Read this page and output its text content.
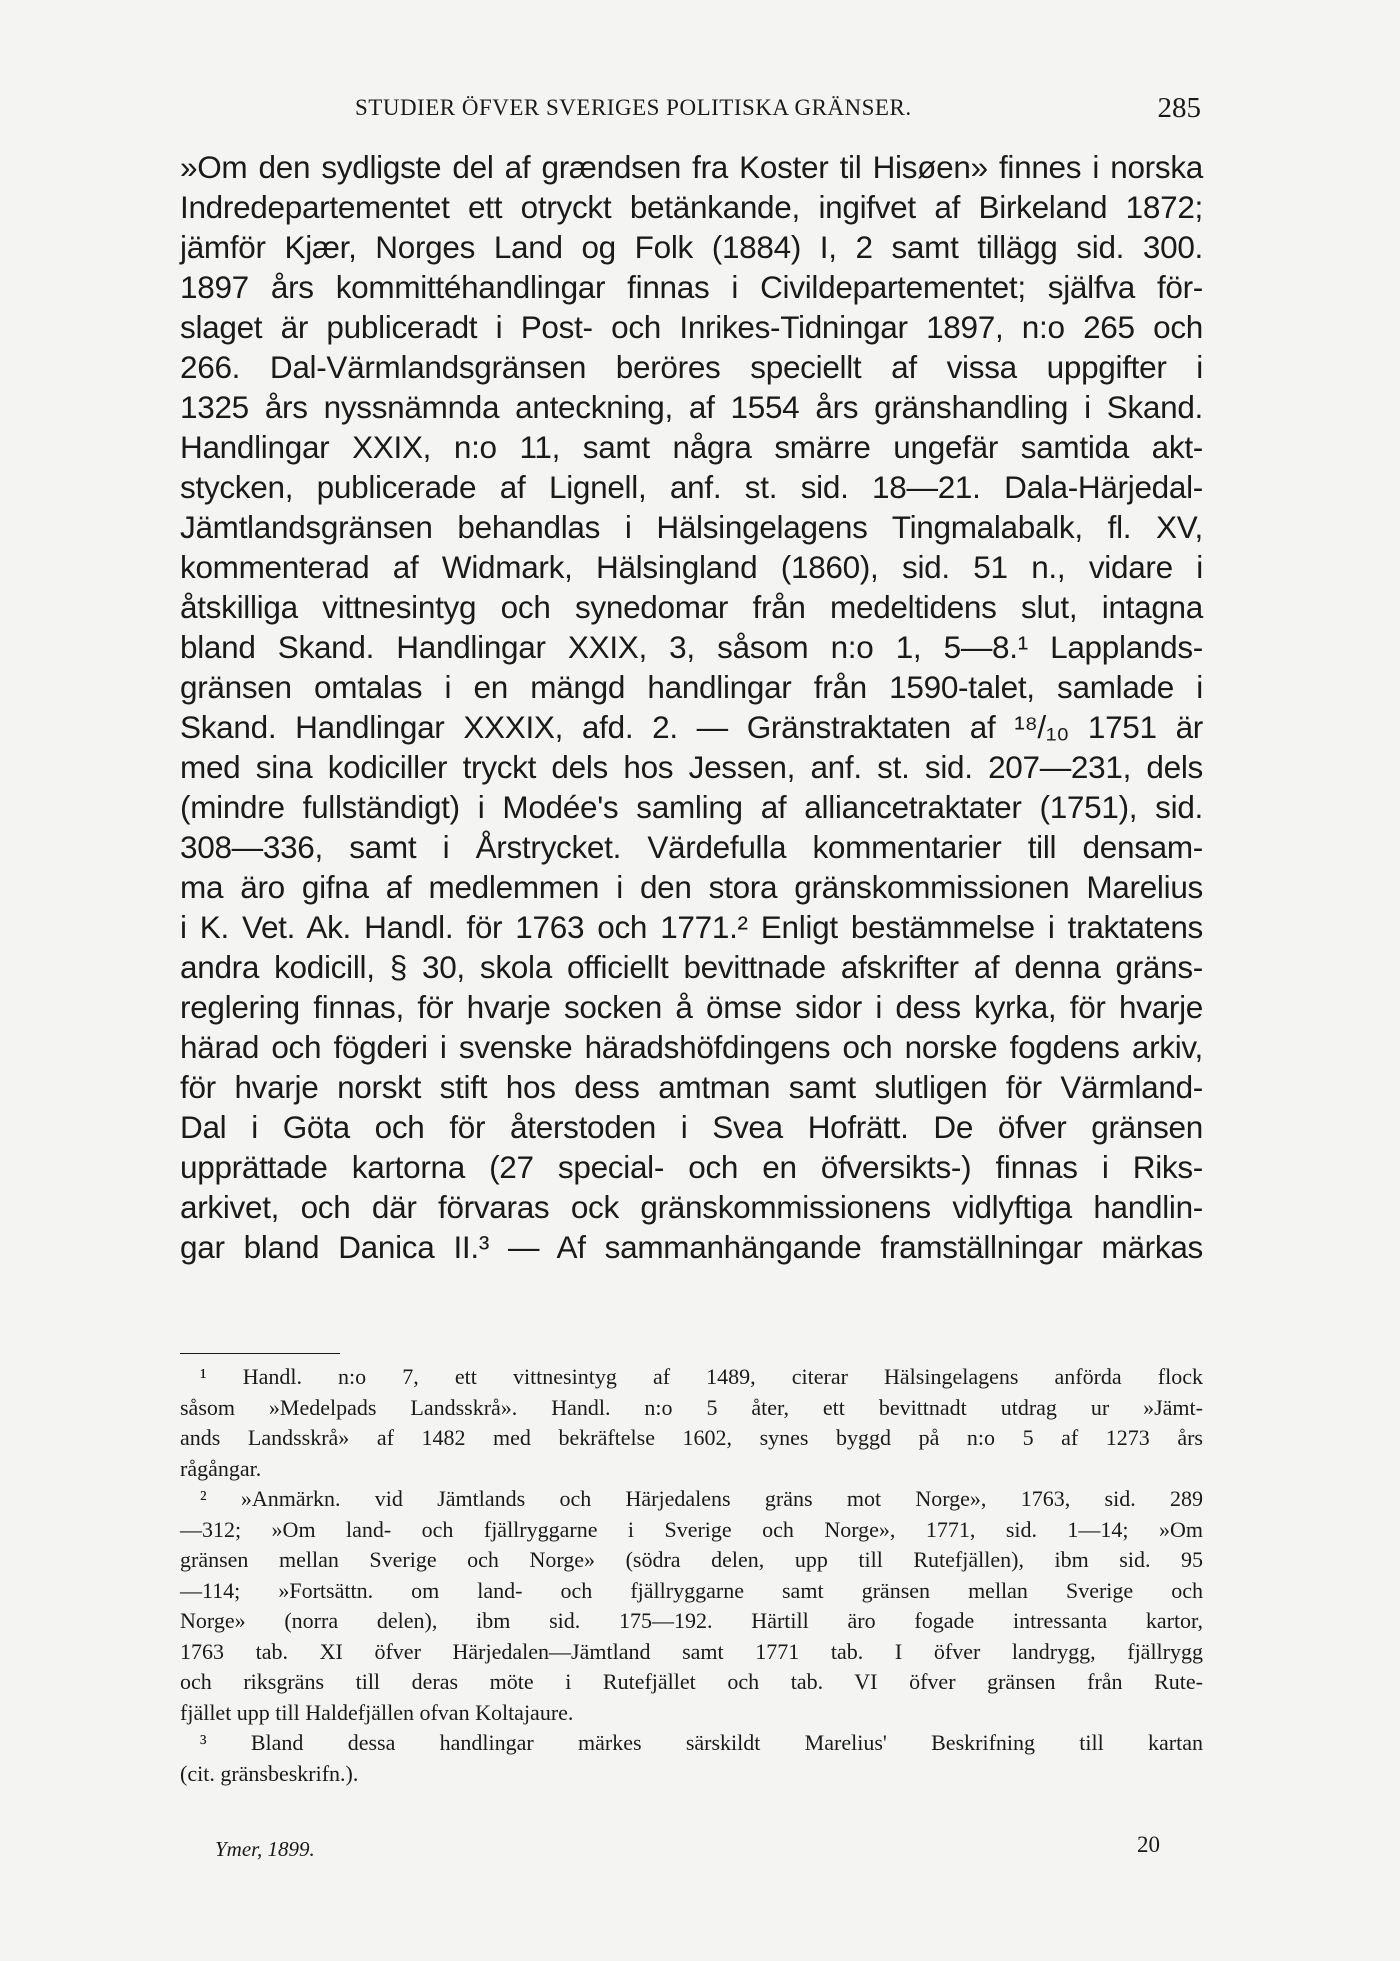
STUDIER ÖFVER SVERIGES POLITISKA GRÄNSER.	285
»Om den sydligste del af grændsen fra Koster til Hisøen» finnes i norska
Indredepartementet ett otryckt betänkande, ingifvet af Birkeland 1872;
jämför Kjær, Norges Land og Folk (1884) I, 2 samt tillägg sid. 300.
1897 års kommittéhandlingar finnas i Civildepartementet; själfva för-
slaget är publiceradt i Post- och Inrikes-Tidningar 1897, n:o 265 och
266. Dal-Värmlandsgränsen beröres speciellt af vissa uppgifter i
1325 års nyssnämnda anteckning, af 1554 års gränshandling i Skand.
Handlingar XXIX, n:o 11, samt några smärre ungefär samtida akt-
stycken, publicerade af Lignell, anf. st. sid. 18—21. Dala-Härjedal-
Jämtlandsgränsen behandlas i Hälsingelagens Tingmalabalk, fl. XV,
kommenterad af Widmark, Hälsingland (1860), sid. 51 n., vidare i
åtskilliga vittnesintyg och synedomar från medeltidens slut, intagna
bland Skand. Handlingar XXIX, 3, såsom n:o 1, 5—8.¹ Lapplands-
gränsen omtalas i en mängd handlingar från 1590-talet, samlade i
Skand. Handlingar XXXIX, afd. 2. — Gränstraktaten af ¹⁸/₁₀ 1751 är
med sina kodiciller tryckt dels hos Jessen, anf. st. sid. 207—231, dels
(mindre fullständigt) i Modée's samling af alliancetraktater (1751), sid.
308—336, samt i Årstrycket. Värdefulla kommentarier till densam-
ma äro gifna af medlemmen i den stora gränskommissionen Marelius
i K. Vet. Ak. Handl. för 1763 och 1771.² Enligt bestämmelse i traktatens
andra kodicill, § 30, skola officiellt bevittnade afskrifter af denna gräns-
reglering finnas, för hvarje socken å ömse sidor i dess kyrka, för hvarje
härad och fögderi i svenske häradshöfdingens och norske fogdens arkiv,
för hvarje norskt stift hos dess amtman samt slutligen för Värmland-
Dal i Göta och för återstoden i Svea Hofrätt. De öfver gränsen
upprättade kartorna (27 special- och en öfversikts-) finnas i Riks-
arkivet, och där förvaras ock gränskommissionens vidlyftiga handlin-
gar bland Danica II.³ — Af sammanhängande framställningar märkas
¹ Handl. n:o 7, ett vittnesintyg af 1489, citerar Hälsingelagens anförda flock
såsom »Medelpads Landsskrå». Handl. n:o 5 åter, ett bevittnadt utdrag ur »Jämt-
ands Landsskrå» af 1482 med bekräftelse 1602, synes byggd på n:o 5 af 1273 års
rågångar.
² »Anmärkn. vid Jämtlands och Härjedalens gräns mot Norge», 1763, sid. 289
—312; »Om land- och fjällryggarne i Sverige och Norge», 1771, sid. 1—14; »Om
gränsen mellan Sverige och Norge» (södra delen, upp till Rutefjällen), ibm sid. 95
—114; »Fortsättn. om land- och fjällryggarne samt gränsen mellan Sverige och
Norge» (norra delen), ibm sid. 175—192. Härtill äro fogade intressanta kartor,
1763 tab. XI öfver Härjedalen—Jämtland samt 1771 tab. I öfver landrygg, fjällrygg
och riksgräns till deras möte i Rutefjället och tab. VI öfver gränsen från Rute-
fjället upp till Haldefjällen ofvan Koltajaure.
³ Bland dessa handlingar märkes särskildt Marelius' Beskrifning till kartan
(cit. gränsbeskrifn.).
Ymer, 1899.	20
